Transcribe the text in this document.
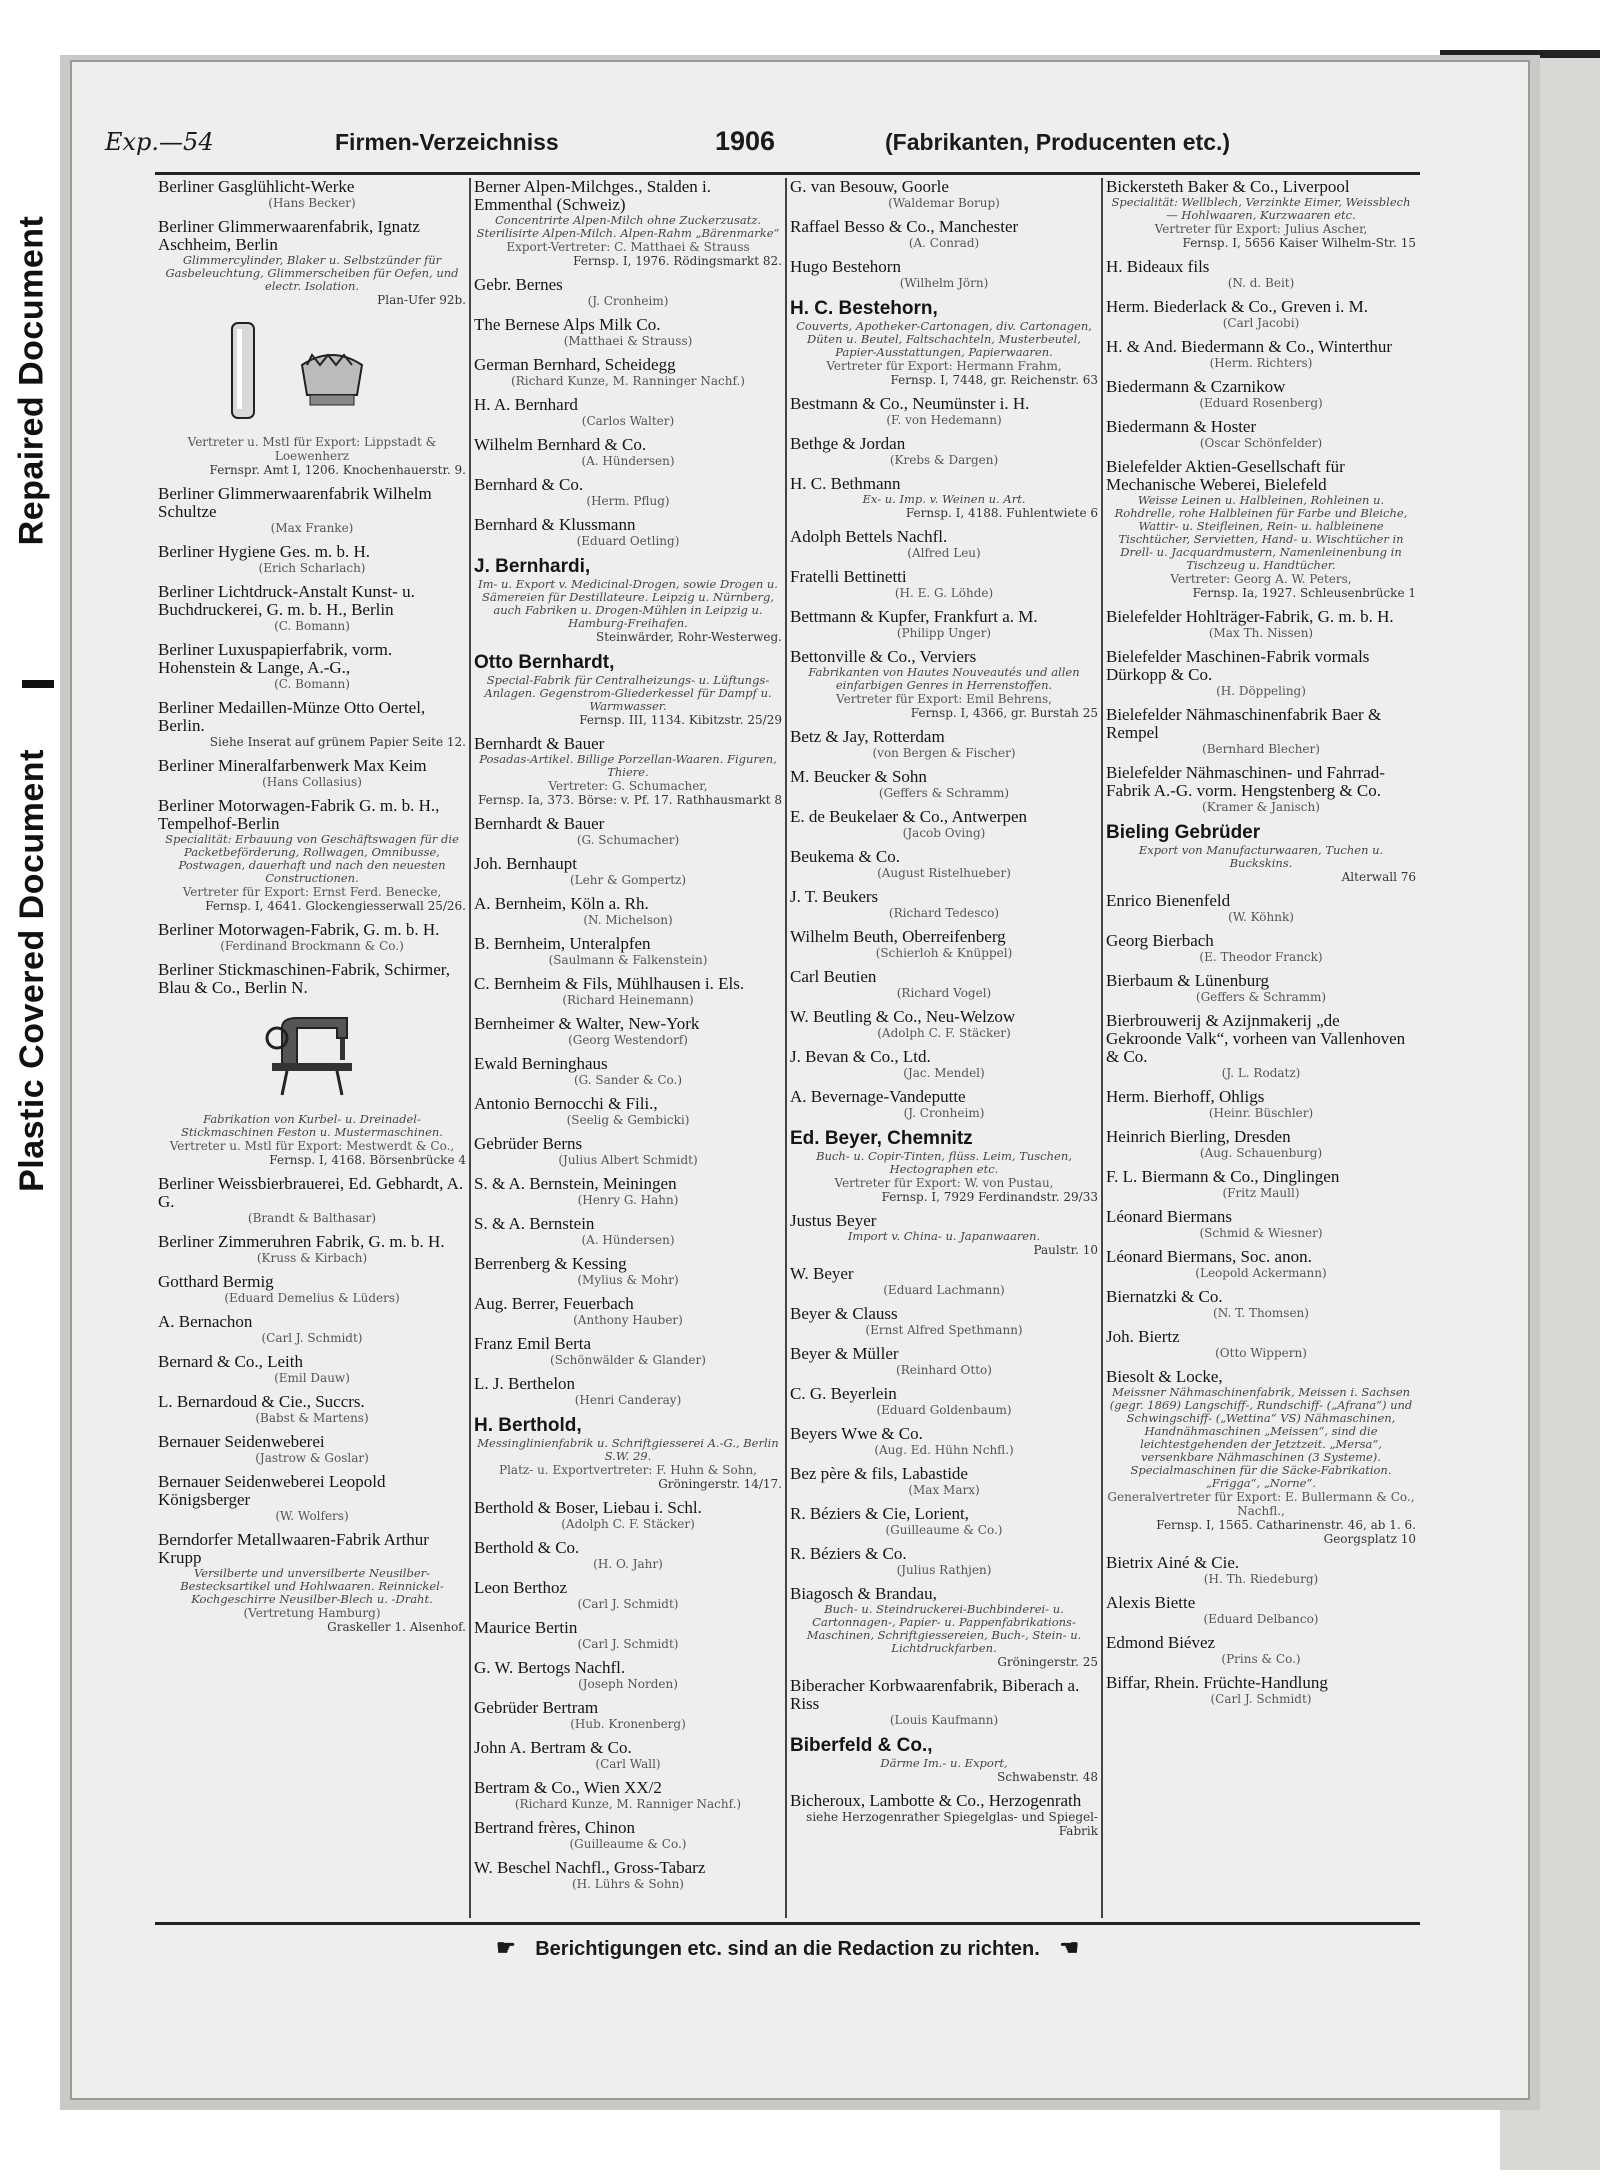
Repaired Document
Plastic Covered Document
Exp.—54	Firmen-Verzeichniss	1906	(Fabrikanten, Producenten etc.)

Berliner Gasglühlicht-Werke

(Hans Becker)

Berliner Glimmerwaarenfabrik, Ignatz Aschheim, Berlin

Glimmercylinder, Blaker u. Selbstzünder für Gasbeleuchtung, Glimmerscheiben für Oefen, und electr. Isolation.

Plan-Ufer 92b.

Vertreter u. Mstl für Export: Lippstadt & Loewenherz

Fernspr. Amt I, 1206. Knochenhauerstr. 9.

Berliner Glimmerwaarenfabrik Wilhelm Schultze

(Max Franke)

Berliner Hygiene Ges. m. b. H.

(Erich Scharlach)

Berliner Lichtdruck-Anstalt Kunst- u. Buchdruckerei, G. m. b. H., Berlin

(C. Bomann)

Berliner Luxuspapierfabrik, vorm. Hohenstein & Lange, A.-G.,

(C. Bomann)

Berliner Medaillen-Münze Otto Oertel, Berlin.

Siehe Inserat auf grünem Papier Seite 12.

Berliner Mineralfarbenwerk Max Keim

(Hans Collasius)

Berliner Motorwagen-Fabrik G. m. b. H., Tempelhof-Berlin

Specialität: Erbauung von Geschäftswagen für die Packetbeförderung, Rollwagen, Omnibusse, Postwagen, dauerhaft und nach den neuesten Constructionen.

Vertreter für Export: Ernst Ferd. Benecke,

Fernsp. I, 4641. Glockengiesserwall 25/26.

Berliner Motorwagen-Fabrik, G. m. b. H.

(Ferdinand Brockmann & Co.)

Berliner Stickmaschinen-Fabrik, Schirmer, Blau & Co., Berlin N.

Fabrikation von Kurbel- u. Dreinadel-Stickmaschinen Feston u. Mustermaschinen.

Vertreter u. Mstl für Export: Mestwerdt & Co.,

Fernsp. I, 4168. Börsenbrücke 4

Berliner Weissbierbrauerei, Ed. Gebhardt, A. G.

(Brandt & Balthasar)

Berliner Zimmeruhren Fabrik, G. m. b. H.

(Kruss & Kirbach)

Gotthard Bermig

(Eduard Demelius & Lüders)

A. Bernachon

(Carl J. Schmidt)

Bernard & Co., Leith

(Emil Dauw)

L. Bernardoud & Cie., Succrs.

(Babst & Martens)

Bernauer Seidenweberei

(Jastrow & Goslar)

Bernauer Seidenweberei Leopold Königsberger

(W. Wolfers)

Berndorfer Metallwaaren-Fabrik Arthur Krupp

Versilberte und unversilberte Neusilber-Bestecksartikel und Hohlwaaren. Reinnickel-Kochgeschirre Neusilber-Blech u. -Draht.

(Vertretung Hamburg)

Graskeller 1. Alsenhof.

Berner Alpen-Milchges., Stalden i. Emmenthal (Schweiz)

Concentrirte Alpen-Milch ohne Zuckerzusatz. Sterilisirte Alpen-Milch. Alpen-Rahm „Bärenmarke“

Export-Vertreter: C. Matthaei & Strauss

Fernsp. I, 1976. Rödingsmarkt 82.

Gebr. Bernes

(J. Cronheim)

The Bernese Alps Milk Co.

(Matthaei & Strauss)

German Bernhard, Scheidegg

(Richard Kunze, M. Ranninger Nachf.)

H. A. Bernhard

(Carlos Walter)

Wilhelm Bernhard & Co.

(A. Hündersen)

Bernhard & Co.

(Herm. Pflug)

Bernhard & Klussmann

(Eduard Oetling)

J. Bernhardi,

Im- u. Export v. Medicinal-Drogen, sowie Drogen u. Sämereien für Destillateure. Leipzig u. Nürnberg, auch Fabriken u. Drogen-Mühlen in Leipzig u. Hamburg-Freihafen.

Steinwärder, Rohr-Westerweg.

Otto Bernhardt,

Special-Fabrik für Centralheizungs- u. Lüftungs-Anlagen. Gegenstrom-Gliederkessel für Dampf u. Warmwasser.

Fernsp. III, 1134. Kibitzstr. 25/29

Bernhardt & Bauer

Posadas-Artikel. Billige Porzellan-Waaren. Figuren, Thiere.

Vertreter: G. Schumacher,

Fernsp. Ia, 373. Börse: v. Pf. 17. Rathhausmarkt 8

Bernhardt & Bauer

(G. Schumacher)

Joh. Bernhaupt

(Lehr & Gompertz)

A. Bernheim, Köln a. Rh.

(N. Michelson)

B. Bernheim, Unteralpfen

(Saulmann & Falkenstein)

C. Bernheim & Fils, Mühlhausen i. Els.

(Richard Heinemann)

Bernheimer & Walter, New-York

(Georg Westendorf)

Ewald Berninghaus

(G. Sander & Co.)

Antonio Bernocchi & Fili.,

(Seelig & Gembicki)

Gebrüder Berns

(Julius Albert Schmidt)

S. & A. Bernstein, Meiningen

(Henry G. Hahn)

S. & A. Bernstein

(A. Hündersen)

Berrenberg & Kessing

(Mylius & Mohr)

Aug. Berrer, Feuerbach

(Anthony Hauber)

Franz Emil Berta

(Schönwälder & Glander)

L. J. Berthelon

(Henri Canderay)

H. Berthold,

Messinglinienfabrik u. Schriftgiesserei A.-G., Berlin S.W. 29.

Platz- u. Exportvertreter: F. Huhn & Sohn,

Gröningerstr. 14/17.

Berthold & Boser, Liebau i. Schl.

(Adolph C. F. Stäcker)

Berthold & Co.

(H. O. Jahr)

Leon Berthoz

(Carl J. Schmidt)

Maurice Bertin

(Carl J. Schmidt)

G. W. Bertogs Nachfl.

(Joseph Norden)

Gebrüder Bertram

(Hub. Kronenberg)

John A. Bertram & Co.

(Carl Wall)

Bertram & Co., Wien XX/2

(Richard Kunze, M. Ranniger Nachf.)

Bertrand frères, Chinon

(Guilleaume & Co.)

W. Beschel Nachfl., Gross-Tabarz

(H. Lührs & Sohn)

G. van Besouw, Goorle

(Waldemar Borup)

Raffael Besso & Co., Manchester

(A. Conrad)

Hugo Bestehorn

(Wilhelm Jörn)

H. C. Bestehorn,

Couverts, Apotheker-Cartonagen, div. Cartonagen, Düten u. Beutel, Faltschachteln, Musterbeutel, Papier-Ausstattungen, Papierwaaren.

Vertreter für Export: Hermann Frahm,

Fernsp. I, 7448, gr. Reichenstr. 63

Bestmann & Co., Neumünster i. H.

(F. von Hedemann)

Bethge & Jordan

(Krebs & Dargen)

H. C. Bethmann

Ex- u. Imp. v. Weinen u. Art.

Fernsp. I, 4188. Fuhlentwiete 6

Adolph Bettels Nachfl.

(Alfred Leu)

Fratelli Bettinetti

(H. E. G. Löhde)

Bettmann & Kupfer, Frankfurt a. M.

(Philipp Unger)

Bettonville & Co., Verviers

Fabrikanten von Hautes Nouveautés und allen einfarbigen Genres in Herrenstoffen.

Vertreter für Export: Emil Behrens,

Fernsp. I, 4366, gr. Burstah 25

Betz & Jay, Rotterdam

(von Bergen & Fischer)

M. Beucker & Sohn

(Geffers & Schramm)

E. de Beukelaer & Co., Antwerpen

(Jacob Oving)

Beukema & Co.

(August Ristelhueber)

J. T. Beukers

(Richard Tedesco)

Wilhelm Beuth, Oberreifenberg

(Schierloh & Knüppel)

Carl Beutien

(Richard Vogel)

W. Beutling & Co., Neu-Welzow

(Adolph C. F. Stäcker)

J. Bevan & Co., Ltd.

(Jac. Mendel)

A. Bevernage-Vandeputte

(J. Cronheim)

Ed. Beyer, Chemnitz

Buch- u. Copir-Tinten, flüss. Leim, Tuschen, Hectographen etc.

Vertreter für Export: W. von Pustau,

Fernsp. I, 7929 Ferdinandstr. 29/33

Justus Beyer

Import v. China- u. Japanwaaren.

Paulstr. 10

W. Beyer

(Eduard Lachmann)

Beyer & Clauss

(Ernst Alfred Spethmann)

Beyer & Müller

(Reinhard Otto)

C. G. Beyerlein

(Eduard Goldenbaum)

Beyers Wwe & Co.

(Aug. Ed. Hühn Nchfl.)

Bez père & fils, Labastide

(Max Marx)

R. Béziers & Cie, Lorient,

(Guilleaume & Co.)

R. Béziers & Co.

(Julius Rathjen)

Biagosch & Brandau,

Buch- u. Steindruckerei-Buchbinderei- u. Cartonnagen-, Papier- u. Pappenfabrikations-Maschinen, Schriftgiessereien, Buch-, Stein- u. Lichtdruckfarben.

Gröningerstr. 25

Biberacher Korbwaarenfabrik, Biberach a. Riss

(Louis Kaufmann)

Biberfeld & Co.,

Därme Im.- u. Export,

Schwabenstr. 48

Bicheroux, Lambotte & Co., Herzogenrath

siehe Herzogenrather Spiegelglas- und Spiegel-Fabrik

Bickersteth Baker & Co., Liverpool

Specialität: Wellblech, Verzinkte Eimer, Weissblech — Hohlwaaren, Kurzwaaren etc.

Vertreter für Export: Julius Ascher,

Fernsp. I, 5656 Kaiser Wilhelm-Str. 15

H. Bideaux fils

(N. d. Beit)

Herm. Biederlack & Co., Greven i. M.

(Carl Jacobi)

H. & And. Biedermann & Co., Winterthur

(Herm. Richters)

Biedermann & Czarnikow

(Eduard Rosenberg)

Biedermann & Hoster

(Oscar Schönfelder)

Bielefelder Aktien-Gesellschaft für Mechanische Weberei, Bielefeld

Weisse Leinen u. Halbleinen, Rohleinen u. Rohdrelle, rohe Halbleinen für Farbe und Bleiche, Wattir- u. Steifleinen, Rein- u. halbleinene Tischtücher, Servietten, Hand- u. Wischtücher in Drell- u. Jacquardmustern, Namenleinenbung in Tischzeug u. Handtücher.

Vertreter: Georg A. W. Peters,

Fernsp. Ia, 1927. Schleusenbrücke 1

Bielefelder Hohlträger-Fabrik, G. m. b. H.

(Max Th. Nissen)

Bielefelder Maschinen-Fabrik vormals Dürkopp & Co.

(H. Döppeling)

Bielefelder Nähmaschinenfabrik Baer & Rempel

(Bernhard Blecher)

Bielefelder Nähmaschinen- und Fahrrad-Fabrik A.-G. vorm. Hengstenberg & Co.

(Kramer & Janisch)

Bieling Gebrüder

Export von Manufacturwaaren, Tuchen u. Buckskins.

Alterwall 76

Enrico Bienenfeld

(W. Köhnk)

Georg Bierbach

(E. Theodor Franck)

Bierbaum & Lünenburg

(Geffers & Schramm)

Bierbrouwerij & Azijnmakerij „de Gekroonde Valk“, vorheen van Vallenhoven & Co.

(J. L. Rodatz)

Herm. Bierhoff, Ohligs

(Heinr. Büschler)

Heinrich Bierling, Dresden

(Aug. Schauenburg)

F. L. Biermann & Co., Dinglingen

(Fritz Maull)

Léonard Biermans

(Schmid & Wiesner)

Léonard Biermans, Soc. anon.

(Leopold Ackermann)

Biernatzki & Co.

(N. T. Thomsen)

Joh. Biertz

(Otto Wippern)

Biesolt & Locke,

Meissner Nähmaschinenfabrik, Meissen i. Sachsen (gegr. 1869) Langschiff-, Rundschiff- („Afrana“) und Schwingschiff- („Wettina“ VS) Nähmaschinen, Handnähmaschinen „Meissen“, sind die leichtestgehenden der Jetztzeit. „Mersa“, versenkbare Nähmaschinen (3 Systeme). Specialmaschinen für die Säcke-Fabrikation. „Frigga“, „Norne“.

Generalvertreter für Export: E. Bullermann & Co., Nachfl.,

Fernsp. I, 1565. Catharinenstr. 46, ab 1. 6. Georgsplatz 10

Bietrix Ainé & Cie.

(H. Th. Riedeburg)

Alexis Biette

(Eduard Delbanco)

Edmond Biévez

(Prins & Co.)

Biffar, Rhein. Früchte-Handlung

(Carl J. Schmidt)

☛ Berichtigungen etc. sind an die Redaction zu richten. ☚
